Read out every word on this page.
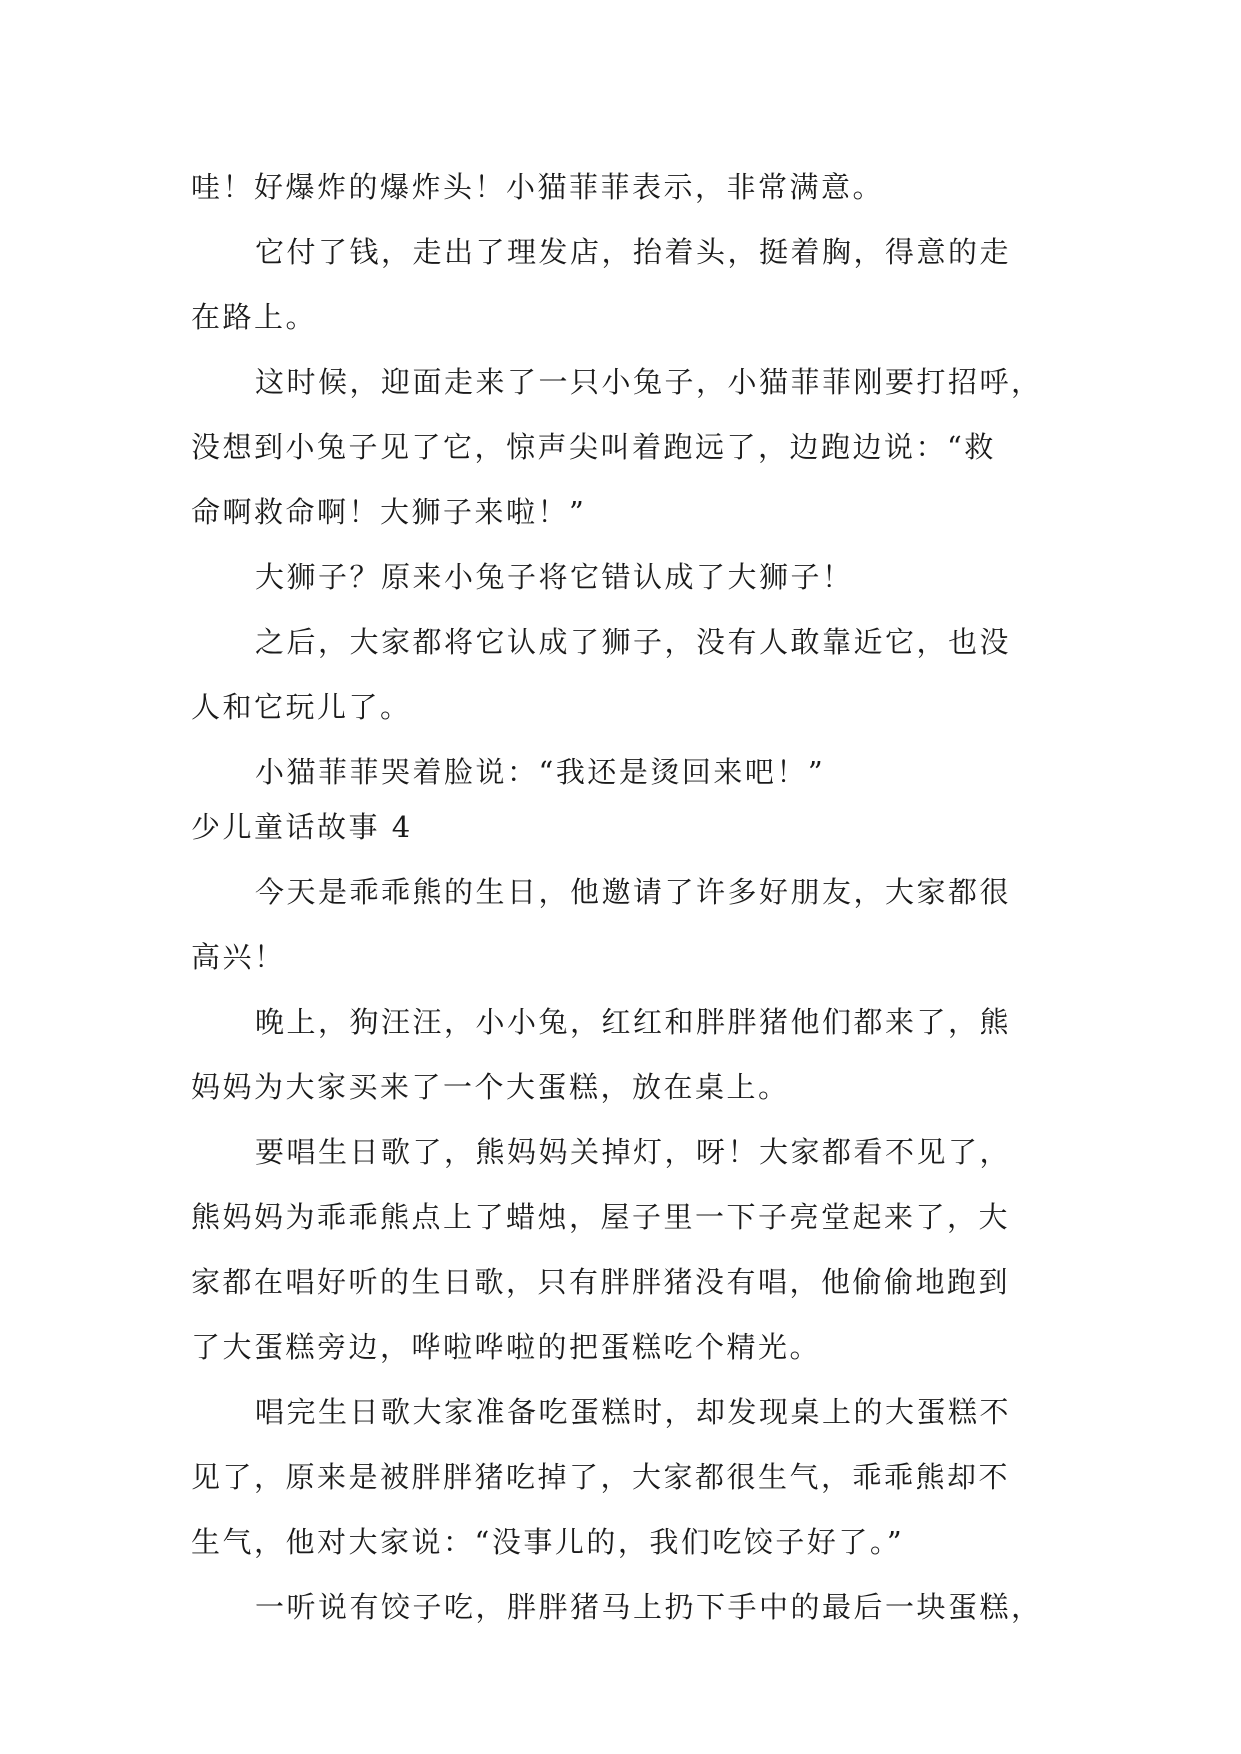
哇！好爆炸的爆炸头！小猫菲菲表示，非常满意。
它付了钱，走出了理发店，抬着头，挺着胸，得意的走
在路上。
这时候，迎面走来了一只小兔子，小猫菲菲刚要打招呼，
没想到小兔子见了它，惊声尖叫着跑远了，边跑边说：“救
命啊救命啊！大狮子来啦！”
大狮子？原来小兔子将它错认成了大狮子！
之后，大家都将它认成了狮子，没有人敢靠近它，也没
人和它玩儿了。
小猫菲菲哭着脸说：“我还是烫回来吧！”
少儿童话故事 4
今天是乖乖熊的生日，他邀请了许多好朋友，大家都很
高兴！
晚上，狗汪汪，小小兔，红红和胖胖猪他们都来了，熊
妈妈为大家买来了一个大蛋糕，放在桌上。
要唱生日歌了，熊妈妈关掉灯，呀！大家都看不见了，
熊妈妈为乖乖熊点上了蜡烛，屋子里一下子亮堂起来了，大
家都在唱好听的生日歌，只有胖胖猪没有唱，他偷偷地跑到
了大蛋糕旁边，哗啦哗啦的把蛋糕吃个精光。
唱完生日歌大家准备吃蛋糕时，却发现桌上的大蛋糕不
见了，原来是被胖胖猪吃掉了，大家都很生气，乖乖熊却不
生气，他对大家说：“没事儿的，我们吃饺子好了。”
一听说有饺子吃，胖胖猪马上扔下手中的最后一块蛋糕，
